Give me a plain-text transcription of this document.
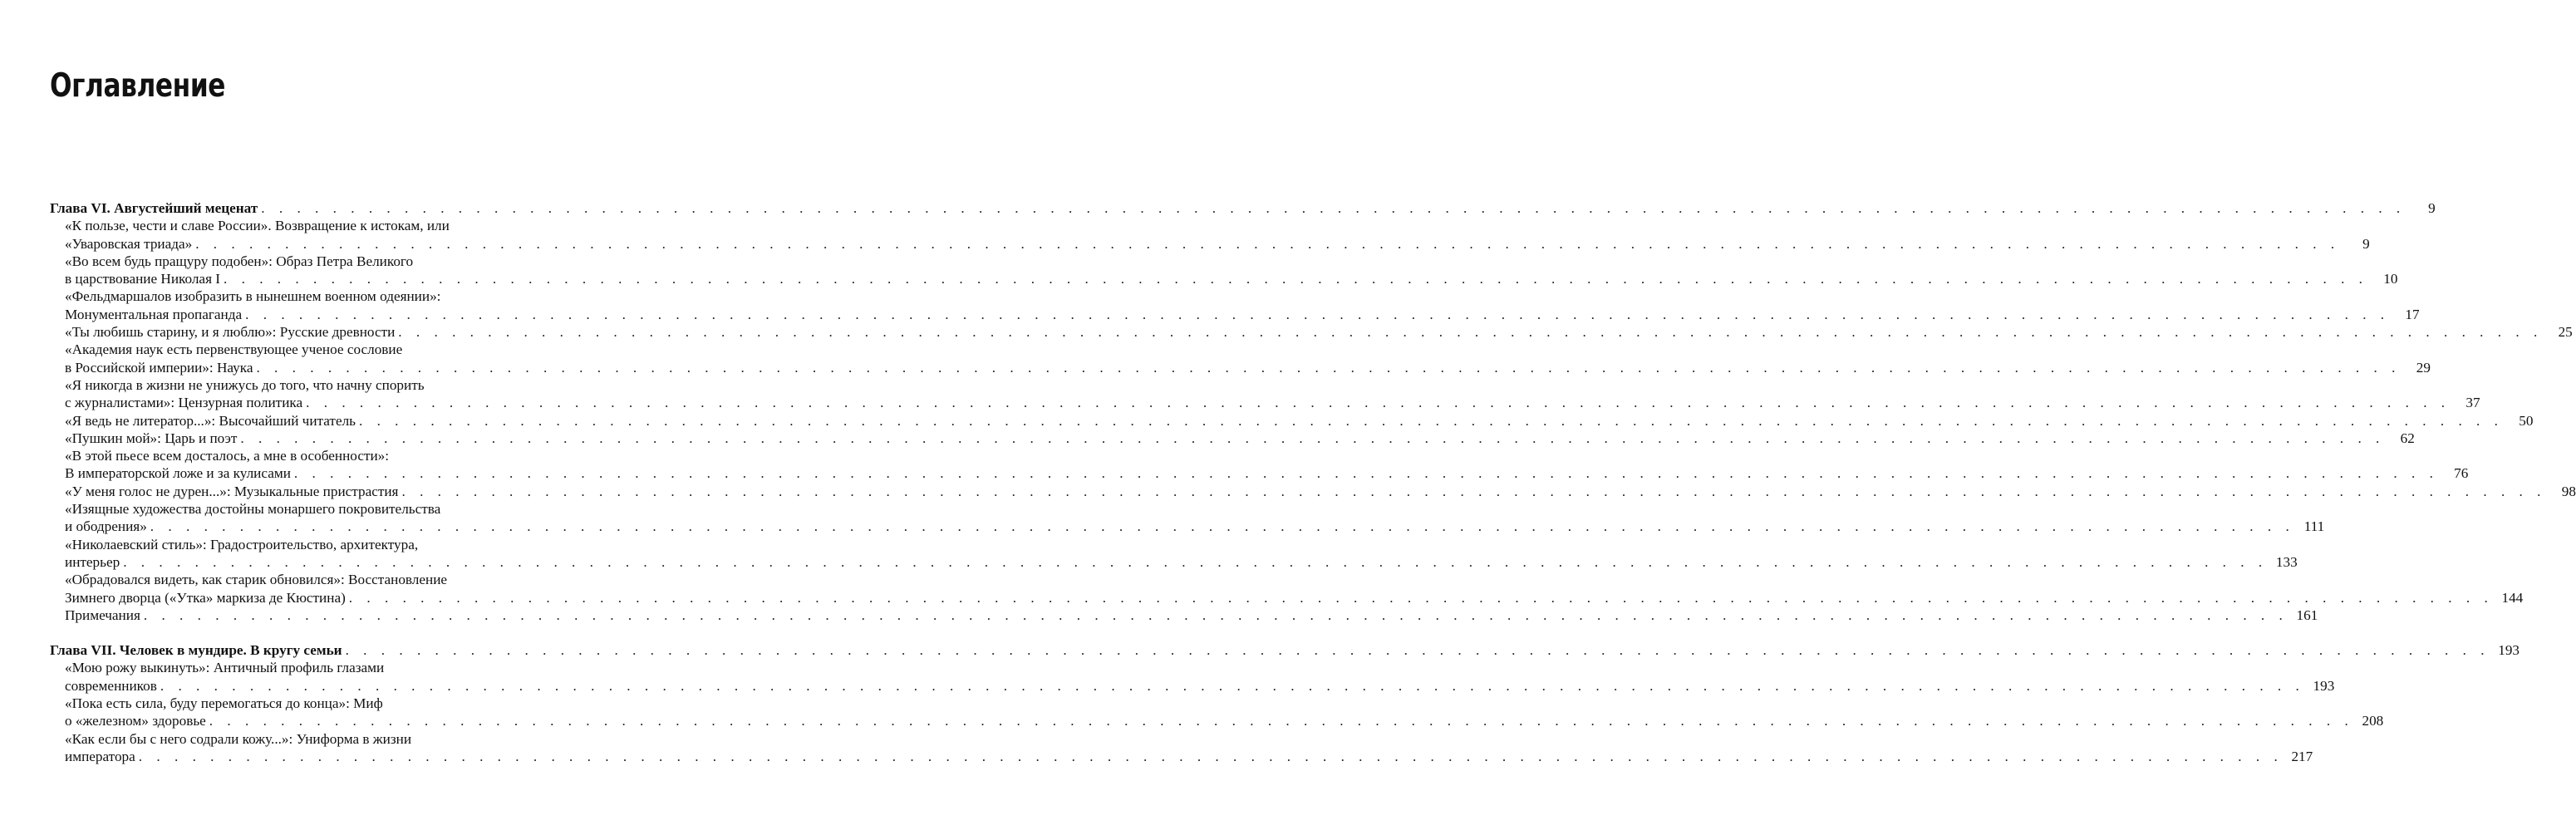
Оглавление
Глава VI. Августейший меценат . . . . . . . . . . . . . . . . . . . . . . . . . . . . . . . . . . . . . . . . . . . . . . . . . . . . . . . . . . . . . . . . . . . . . . . . . . . . . . . . . . . . . . . . . . . . . . . . . . . . . . . . . . . . . . . . . . . . . . . .	9
«К пользе, чести и славе России». Возвращение к истокам, или
«Уваровская триада» . . . . . . . . . . . . . . . . . . . . . . . . . . . . . . . . . . . . . . . . . . . . . . . . . . . . . . . . . . . . . . . . . . . . . . . . . . . . . . . . . . . . . . . . . . . . . . . . . . . . . . . . . . . . . . . . . . . . . . . .	9
«Во всем будь пращуру подобен»: Образ Петра Великого
в царствование Николая I . . . . . . . . . . . . . . . . . . . . . . . . . . . . . . . . . . . . . . . . . . . . . . . . . . . . . . . . . . . . . . . . . . . . . . . . . . . . . . . . . . . . . . . . . . . . . . . . . . . . . . . . . . . . . . . . . . . . . . . .	10
«Фельдмаршалов изобразить в нынешнем военном одеянии»:
Монументальная пропаганда . . . . . . . . . . . . . . . . . . . . . . . . . . . . . . . . . . . . . . . . . . . . . . . . . . . . . . . . . . . . . . . . . . . . . . . . . . . . . . . . . . . . . . . . . . . . . . . . . . . . . . . . . . . . . . . . . . . . . . . .	17
«Ты любишь старину, и я люблю»: Русские древности . . . . . . . . . . . . . . . . . . . . . . . . . . . . . . . . . . . . . . . . . . . . . . . . . . . . . . . . . . . . . . . . . . . . . . . . . . . . . . . . . . . . . . . . . . . . . . . . . . . . . . . . . . . . . . . . . . . . . . . .	25
«Академия наук есть первенствующее ученое сословие
в Российской империи»: Наука . . . . . . . . . . . . . . . . . . . . . . . . . . . . . . . . . . . . . . . . . . . . . . . . . . . . . . . . . . . . . . . . . . . . . . . . . . . . . . . . . . . . . . . . . . . . . . . . . . . . . . . . . . . . . . . . . . . . . . . .	29
«Я никогда в жизни не унижусь до того, что начну спорить
с журналистами»: Цензурная политика . . . . . . . . . . . . . . . . . . . . . . . . . . . . . . . . . . . . . . . . . . . . . . . . . . . . . . . . . . . . . . . . . . . . . . . . . . . . . . . . . . . . . . . . . . . . . . . . . . . . . . . . . . . . . . . . . . . . . . . .	37
«Я ведь не литератор...»: Высочайший читатель . . . . . . . . . . . . . . . . . . . . . . . . . . . . . . . . . . . . . . . . . . . . . . . . . . . . . . . . . . . . . . . . . . . . . . . . . . . . . . . . . . . . . . . . . . . . . . . . . . . . . . . . . . . . . . . . . . . . . . . .	50
«Пушкин мой»: Царь и поэт . . . . . . . . . . . . . . . . . . . . . . . . . . . . . . . . . . . . . . . . . . . . . . . . . . . . . . . . . . . . . . . . . . . . . . . . . . . . . . . . . . . . . . . . . . . . . . . . . . . . . . . . . . . . . . . . . . . . . . . .	62
«В этой пьесе всем досталось, а мне в особенности»:
В императорской ложе и за кулисами . . . . . . . . . . . . . . . . . . . . . . . . . . . . . . . . . . . . . . . . . . . . . . . . . . . . . . . . . . . . . . . . . . . . . . . . . . . . . . . . . . . . . . . . . . . . . . . . . . . . . . . . . . . . . . . . . . . . . . . .	76
«У меня голос не дурен...»: Музыкальные пристрастия . . . . . . . . . . . . . . . . . . . . . . . . . . . . . . . . . . . . . . . . . . . . . . . . . . . . . . . . . . . . . . . . . . . . . . . . . . . . . . . . . . . . . . . . . . . . . . . . . . . . . . . . . . . . . . . . . . . . . . . .	98
«Изящные художества достойны монаршего покровительства
и ободрения» . . . . . . . . . . . . . . . . . . . . . . . . . . . . . . . . . . . . . . . . . . . . . . . . . . . . . . . . . . . . . . . . . . . . . . . . . . . . . . . . . . . . . . . . . . . . . . . . . . . . . . . . . . . . . . . . . . . . . . . . 111
«Николаевский стиль»: Градостроительство, архитектура,
интерьер . . . . . . . . . . . . . . . . . . . . . . . . . . . . . . . . . . . . . . . . . . . . . . . . . . . . . . . . . . . . . . . . . . . . . . . . . . . . . . . . . . . . . . . . . . . . . . . . . . . . . . . . . . . . . . . . . . . . . . . . 133
«Обрадовался видеть, как старик обновился»: Восстановление
Зимнего дворца («Утка» маркиза де Кюстина) . . . . . . . . . . . . . . . . . . . . . . . . . . . . . . . . . . . . . . . . . . . . . . . . . . . . . . . . . . . . . . . . . . . . . . . . . . . . . . . . . . . . . . . . . . . . . . . . . . . . . . . . . . . . . . . . . . . . . . . . 144
Примечания . . . . . . . . . . . . . . . . . . . . . . . . . . . . . . . . . . . . . . . . . . . . . . . . . . . . . . . . . . . . . . . . . . . . . . . . . . . . . . . . . . . . . . . . . . . . . . . . . . . . . . . . . . . . . . . . . . . . . . . . 161
Глава VII. Человек в мундире. В кругу семьи . . . . . . . . . . . . . . . . . . . . . . . . . . . . . . . . . . . . . . . . . . . . . . . . . . . . . . . . . . . . . . . . . . . . . . . . . . . . . . . . . . . . . . . . . . . . . . . . . . . . . . . . . . . . . . . . . . . . . . . . 193
«Мою рожу выкинуть»: Античный профиль глазами
современников . . . . . . . . . . . . . . . . . . . . . . . . . . . . . . . . . . . . . . . . . . . . . . . . . . . . . . . . . . . . . . . . . . . . . . . . . . . . . . . . . . . . . . . . . . . . . . . . . . . . . . . . . . . . . . . . . . . . . . . . 193
«Пока есть сила, буду перемогаться до конца»: Миф
о «железном» здоровье . . . . . . . . . . . . . . . . . . . . . . . . . . . . . . . . . . . . . . . . . . . . . . . . . . . . . . . . . . . . . . . . . . . . . . . . . . . . . . . . . . . . . . . . . . . . . . . . . . . . . . . . . . . . . . . . . . . . . . . . 208
«Как если бы с него содрали кожу...»: Униформа в жизни
императора . . . . . . . . . . . . . . . . . . . . . . . . . . . . . . . . . . . . . . . . . . . . . . . . . . . . . . . . . . . . . . . . . . . . . . . . . . . . . . . . . . . . . . . . . . . . . . . . . . . . . . . . . . . . . . . . . . . . . . . . 217
